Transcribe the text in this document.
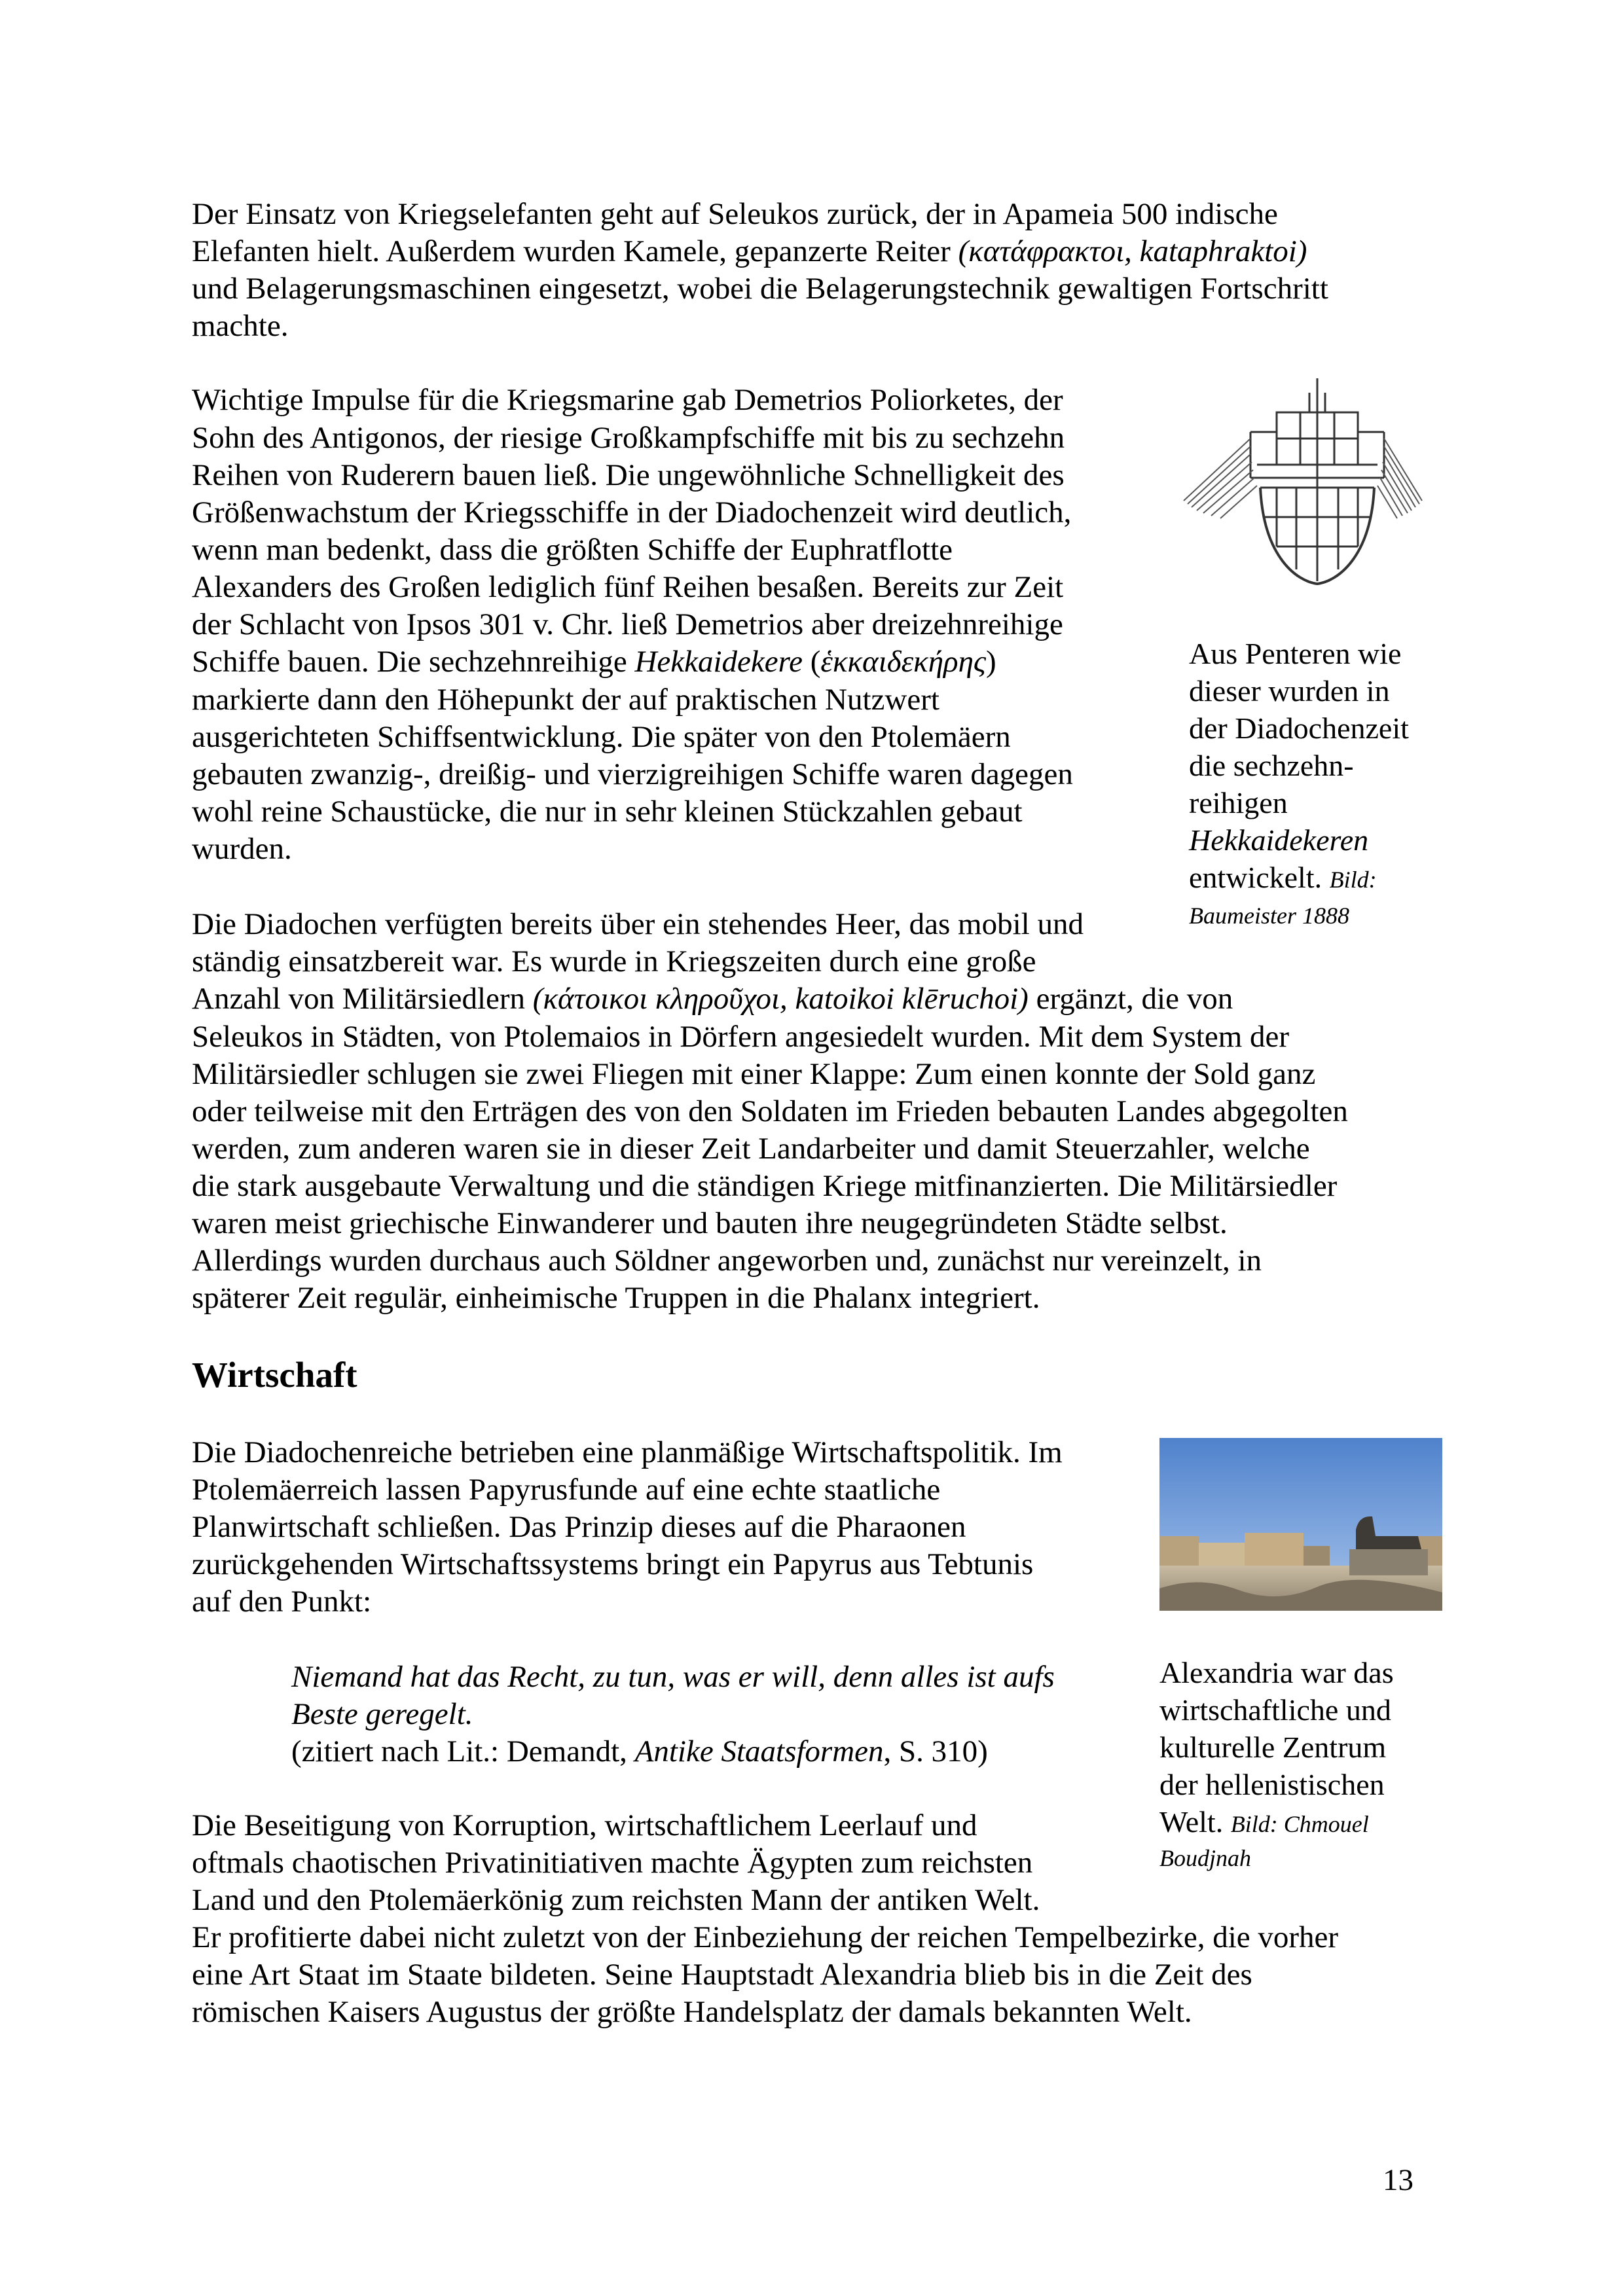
Der Einsatz von Kriegselefanten geht auf Seleukos zurück, der in Apameia 500 indische

Elefanten hielt. Außerdem wurden Kamele, gepanzerte Reiter (κατάφρακτοι, kataphraktoi)

und Belagerungsmaschinen eingesetzt, wobei die Belagerungstechnik gewaltigen Fortschritt

machte.

Wichtige Impulse für die Kriegsmarine gab Demetrios Poliorketes, der

Sohn des Antigonos, der riesige Großkampfschiffe mit bis zu sechzehn

Reihen von Ruderern bauen ließ. Die ungewöhnliche Schnelligkeit des

Größenwachstum der Kriegsschiffe in der Diadochenzeit wird deutlich,

wenn man bedenkt, dass die größten Schiffe der Euphratflotte

Alexanders des Großen lediglich fünf Reihen besaßen. Bereits zur Zeit

der Schlacht von Ipsos 301 v. Chr. ließ Demetrios aber dreizehnreihige

Schiffe bauen. Die sechzehnreihige Hekkaidekere (ἑκκαιδεκήρης)

markierte dann den Höhepunkt der auf praktischen Nutzwert

ausgerichteten Schiffsentwicklung. Die später von den Ptolemäern

gebauten zwanzig-, dreißig- und vierzigreihigen Schiffe waren dagegen

wohl reine Schaustücke, die nur in sehr kleinen Stückzahlen gebaut

wurden.

Aus Penteren wie

dieser wurden in

der Diadochenzeit

die sechzehn-

reihigen

Hekkaidekeren

entwickelt. Bild:

Baumeister 1888

Die Diadochen verfügten bereits über ein stehendes Heer, das mobil und

ständig einsatzbereit war. Es wurde in Kriegszeiten durch eine große

Anzahl von Militärsiedlern (κάτοικοι κληροῦχοι, katoikoi klēruchoi) ergänzt, die von

Seleukos in Städten, von Ptolemaios in Dörfern angesiedelt wurden. Mit dem System der

Militärsiedler schlugen sie zwei Fliegen mit einer Klappe: Zum einen konnte der Sold ganz

oder teilweise mit den Erträgen des von den Soldaten im Frieden bebauten Landes abgegolten

werden, zum anderen waren sie in dieser Zeit Landarbeiter und damit Steuerzahler, welche

die stark ausgebaute Verwaltung und die ständigen Kriege mitfinanzierten. Die Militärsiedler

waren meist griechische Einwanderer und bauten ihre neugegründeten Städte selbst.

Allerdings wurden durchaus auch Söldner angeworben und, zunächst nur vereinzelt, in

späterer Zeit regulär, einheimische Truppen in die Phalanx integriert.

Wirtschaft

Die Diadochenreiche betrieben eine planmäßige Wirtschaftspolitik. Im

Ptolemäerreich lassen Papyrusfunde auf eine echte staatliche

Planwirtschaft schließen. Das Prinzip dieses auf die Pharaonen

zurückgehenden Wirtschaftssystems bringt ein Papyrus aus Tebtunis

auf den Punkt:

Niemand hat das Recht, zu tun, was er will, denn alles ist aufs

Beste geregelt.

(zitiert nach Lit.: Demandt, Antike Staatsformen, S. 310)

Alexandria war das

wirtschaftliche und

kulturelle Zentrum

der hellenistischen

Welt. Bild: Chmouel

Boudjnah

Die Beseitigung von Korruption, wirtschaftlichem Leerlauf und

oftmals chaotischen Privatinitiativen machte Ägypten zum reichsten

Land und den Ptolemäerkönig zum reichsten Mann der antiken Welt.

Er profitierte dabei nicht zuletzt von der Einbeziehung der reichen Tempelbezirke, die vorher

eine Art Staat im Staate bildeten. Seine Hauptstadt Alexandria blieb bis in die Zeit des

römischen Kaisers Augustus der größte Handelsplatz der damals bekannten Welt.

13
